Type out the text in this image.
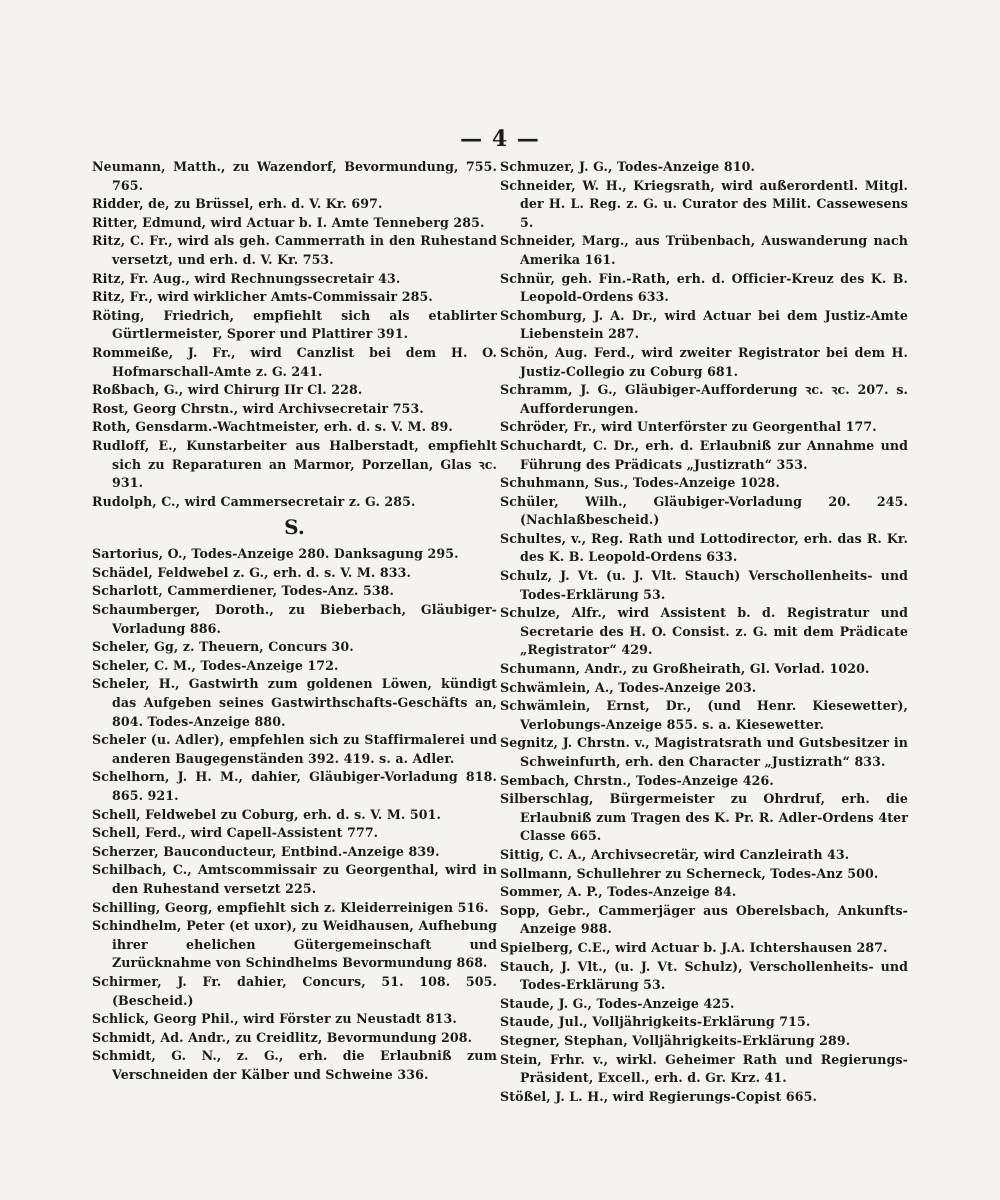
— 4 —

Neumann, Matth., zu Wazendorf, Bevormundung, 755. 765.

Ridder, de, zu Brüssel, erh. d. V. Kr. 697.

Ritter, Edmund, wird Actuar b. I. Amte Tenneberg 285.

Ritz, C. Fr., wird als geh. Cammerrath in den Ruhestand versetzt, und erh. d. V. Kr. 753.

Ritz, Fr. Aug., wird Rechnungssecretair 43.

Ritz, Fr., wird wirklicher Amts-Commissair 285.

Röting, Friedrich, empfiehlt sich als etablirter Gürtlermeister, Sporer und Plattirer 391.

Rommeiße, J. Fr., wird Canzlist bei dem H. O. Hofmarschall-Amte z. G. 241.

Roßbach, G., wird Chirurg IIr Cl. 228.

Rost, Georg Chrstn., wird Archivsecretair 753.

Roth, Gensdarm.-Wachtmeister, erh. d. s. V. M. 89.

Rudloff, E., Kunstarbeiter aus Halberstadt, empfiehlt sich zu Reparaturen an Marmor, Porzellan, Glas ꝛc. 931.

Rudolph, C., wird Cammersecretair z. G. 285.

S.

Sartorius, O., Todes-Anzeige 280. Danksagung 295.

Schädel, Feldwebel z. G., erh. d. s. V. M. 833.

Scharlott, Cammerdiener, Todes-Anz. 538.

Schaumberger, Doroth., zu Bieberbach, Gläubiger-Vorladung 886.

Scheler, Gg, z. Theuern, Concurs 30.

Scheler, C. M., Todes-Anzeige 172.

Scheler, H., Gastwirth zum goldenen Löwen, kündigt das Aufgeben seines Gastwirthschafts-Geschäfts an, 804. Todes-Anzeige 880.

Scheler (u. Adler), empfehlen sich zu Staffirmalerei und anderen Baugegenständen 392. 419. s. a. Adler.

Schelhorn, J. H. M., dahier, Gläubiger-Vorladung 818. 865. 921.

Schell, Feldwebel zu Coburg, erh. d. s. V. M. 501.

Schell, Ferd., wird Capell-Assistent 777.

Scherzer, Bauconducteur, Entbind.-Anzeige 839.

Schilbach, C., Amtscommissair zu Georgenthal, wird in den Ruhestand versetzt 225.

Schilling, Georg, empfiehlt sich z. Kleiderreinigen 516.

Schindhelm, Peter (et uxor), zu Weidhausen, Aufhebung ihrer ehelichen Gütergemeinschaft und Zurücknahme von Schindhelms Bevormundung 868.

Schirmer, J. Fr. dahier, Concurs, 51. 108. 505. (Bescheid.)

Schlick, Georg Phil., wird Förster zu Neustadt 813.

Schmidt, Ad. Andr., zu Creidlitz, Bevormundung 208.

Schmidt, G. N., z. G., erh. die Erlaubniß zum Verschneiden der Kälber und Schweine 336.

Schmuzer, J. G., Todes-Anzeige 810.

Schneider, W. H., Kriegsrath, wird außerordentl. Mitgl. der H. L. Reg. z. G. u. Curator des Milit. Cassewesens 5.

Schneider, Marg., aus Trübenbach, Auswanderung nach Amerika 161.

Schnür, geh. Fin.-Rath, erh. d. Officier-Kreuz des K. B. Leopold-Ordens 633.

Schomburg, J. A. Dr., wird Actuar bei dem Justiz-Amte Liebenstein 287.

Schön, Aug. Ferd., wird zweiter Registrator bei dem H. Justiz-Collegio zu Coburg 681.

Schramm, J. G., Gläubiger-Aufforderung ꝛc. ꝛc. 207. s. Aufforderungen.

Schröder, Fr., wird Unterförster zu Georgenthal 177.

Schuchardt, C. Dr., erh. d. Erlaubniß zur Annahme und Führung des Prädicats „Justizrath“ 353.

Schuhmann, Sus., Todes-Anzeige 1028.

Schüler, Wilh., Gläubiger-Vorladung 20. 245. (Nachlaßbescheid.)

Schultes, v., Reg. Rath und Lottodirector, erh. das R. Kr. des K. B. Leopold-Ordens 633.

Schulz, J. Vt. (u. J. Vlt. Stauch) Verschollenheits- und Todes-Erklärung 53.

Schulze, Alfr., wird Assistent b. d. Registratur und Secretarie des H. O. Consist. z. G. mit dem Prädicate „Registrator“ 429.

Schumann, Andr., zu Großheirath, Gl. Vorlad. 1020.

Schwämlein, A., Todes-Anzeige 203.

Schwämlein, Ernst, Dr., (und Henr. Kiesewetter), Verlobungs-Anzeige 855. s. a. Kiesewetter.

Segnitz, J. Chrstn. v., Magistratsrath und Gutsbesitzer in Schweinfurth, erh. den Character „Justizrath“ 833.

Sembach, Chrstn., Todes-Anzeige 426.

Silberschlag, Bürgermeister zu Ohrdruf, erh. die Erlaubniß zum Tragen des K. Pr. R. Adler-Ordens 4ter Classe 665.

Sittig, C. A., Archivsecretär, wird Canzleirath 43.

Sollmann, Schullehrer zu Scherneck, Todes-Anz 500.

Sommer, A. P., Todes-Anzeige 84.

Sopp, Gebr., Cammerjäger aus Oberelsbach, Ankunfts-Anzeige 988.

Spielberg, C.E., wird Actuar b. J.A. Ichtershausen 287.

Stauch, J. Vlt., (u. J. Vt. Schulz), Verschollenheits- und Todes-Erklärung 53.

Staude, J. G., Todes-Anzeige 425.

Staude, Jul., Volljährigkeits-Erklärung 715.

Stegner, Stephan, Volljährigkeits-Erklärung 289.

Stein, Frhr. v., wirkl. Geheimer Rath und Regierungs-Präsident, Excell., erh. d. Gr. Krz. 41.

Stößel, J. L. H., wird Regierungs-Copist 665.
